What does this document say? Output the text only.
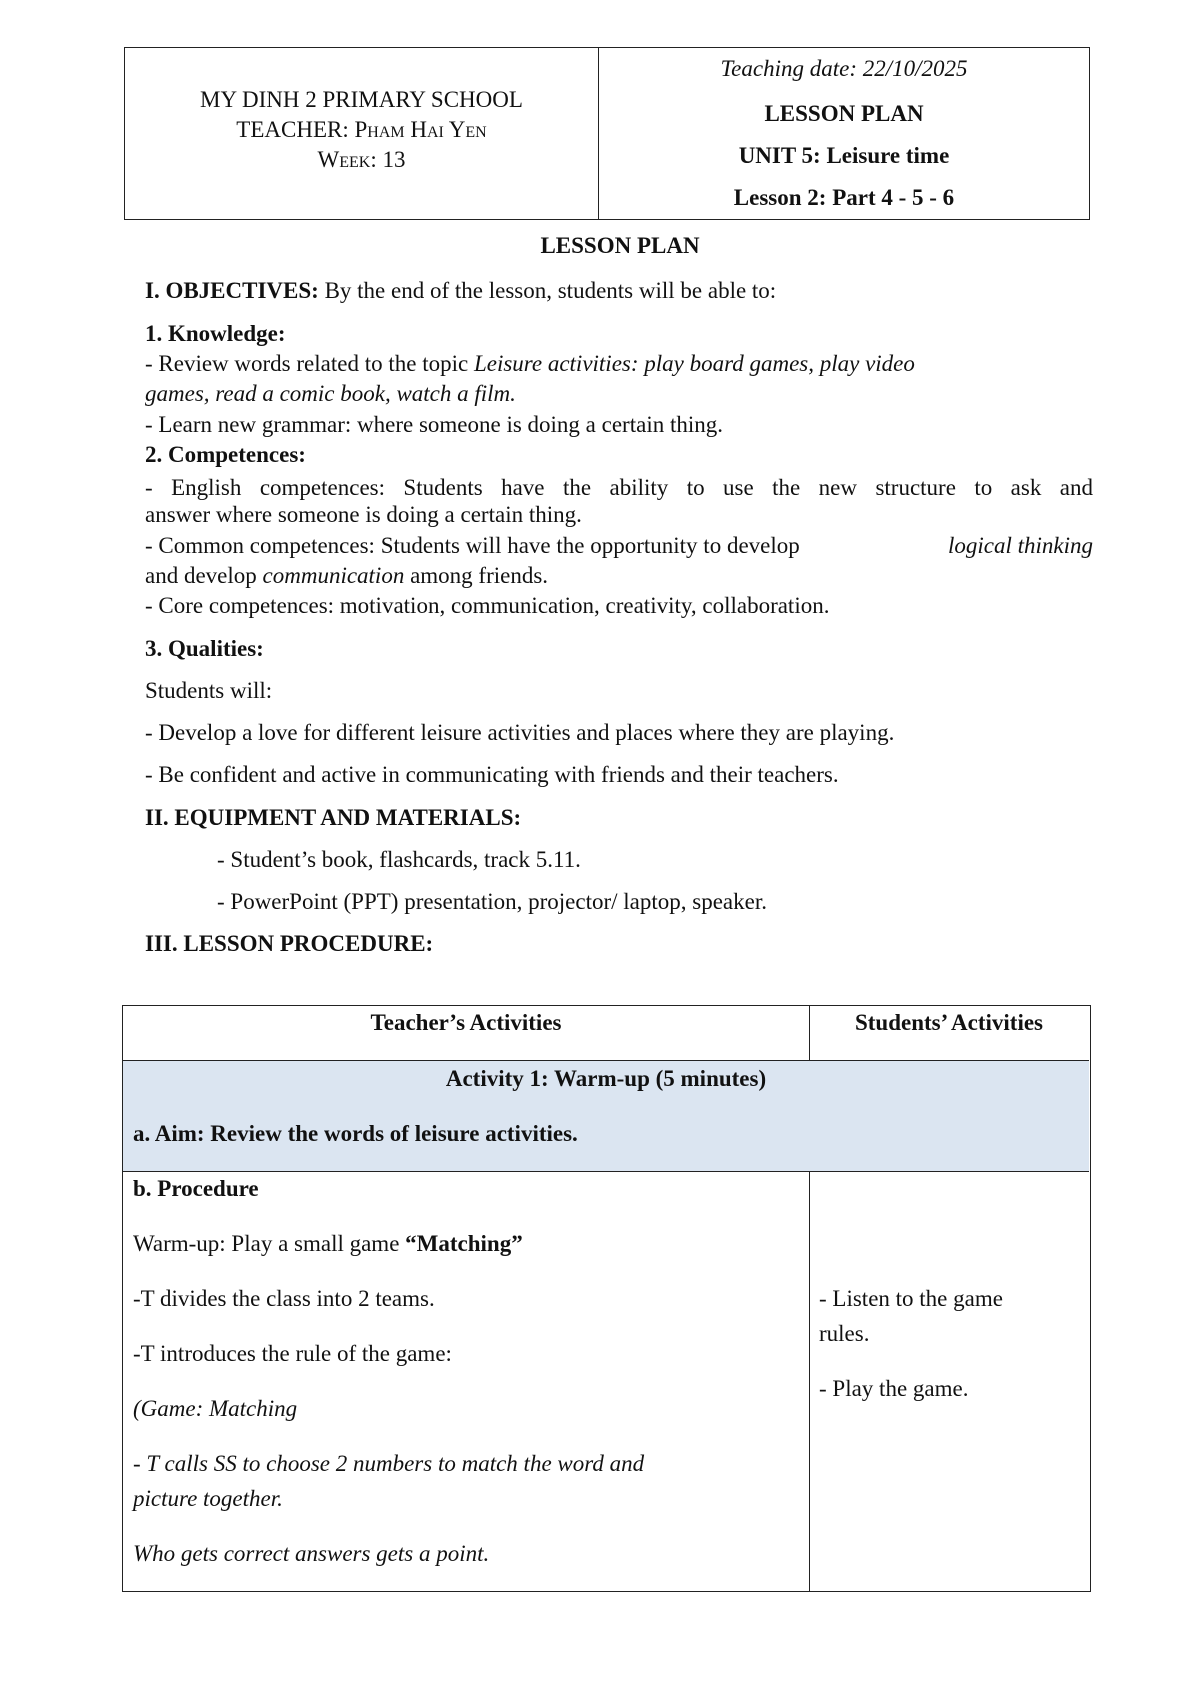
MY DINH 2 PRIMARY SCHOOL
TEACHER: Pham Hai Yen
Week: 13
Teaching date: 22/10/2025
LESSON PLAN
UNIT 5: Leisure time
Lesson 2: Part 4 - 5 - 6
LESSON PLAN
I. OBJECTIVES: By the end of the lesson, students will be able to:
1. Knowledge:
- Review words related to the topic Leisure activities: play board games, play video
games, read a comic book, watch a film.
- Learn new grammar: where someone is doing a certain thing.
2. Competences:
- English competences: Students have the ability to use the new structure to ask and
answer where someone is doing a certain thing.
- Common competences: Students will have the opportunity to develop	logical thinking
and develop communication among friends.
- Core competences: motivation, communication, creativity, collaboration.
3. Qualities:
Students will:
- Develop a love for different leisure activities and places where they are playing.
- Be confident and active in communicating with friends and their teachers.
II. EQUIPMENT AND MATERIALS:
- Student’s book, flashcards, track 5.11.
- PowerPoint (PPT) presentation, projector/ laptop, speaker.
III. LESSON PROCEDURE:
Teacher’s Activities	Students’ Activities
Activity 1: Warm-up (5 minutes)
a. Aim: Review the words of leisure activities.
b. Procedure
Warm-up: Play a small game “Matching”
-T divides the class into 2 teams.
-T introduces the rule of the game:
(Game: Matching
- T calls SS to choose 2 numbers to match the word and
picture together.
Who gets correct answers gets a point.
- Listen to the game
rules.
- Play the game.
